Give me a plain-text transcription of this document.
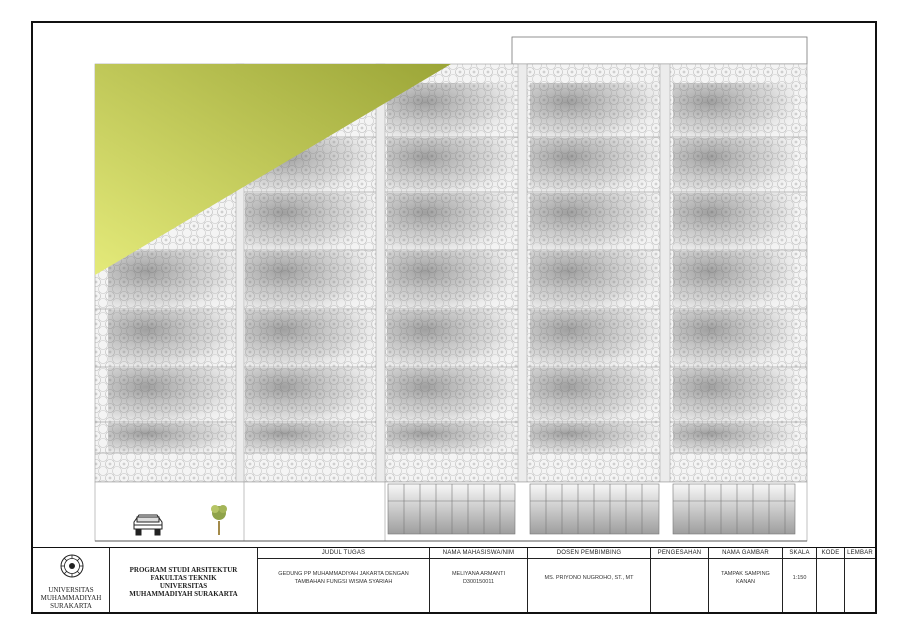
UNIVERSITAS
MUHAMMADIYAH
SURAKARTA
PROGRAM STUDI ARSITEKTUR
FAKULTAS TEKNIK
UNIVERSITAS
MUHAMMADIYAH SURAKARTA
JUDUL TUGAS
GEDUNG PP MUHAMMADIYAH JAKARTA DENGAN
TAMBAHAN FUNGSI WISMA SYARIAH
NAMA MAHASISWA/NIM
MELIYANA ARMANTI
D300150011
DOSEN PEMBIMBING
MS. PRIYONO NUGROHO, ST., MT
PENGESAHAN	NAMA GAMBAR
TAMPAK SAMPING
KANAN
SKALA
1:150
KODE	LEMBAR
